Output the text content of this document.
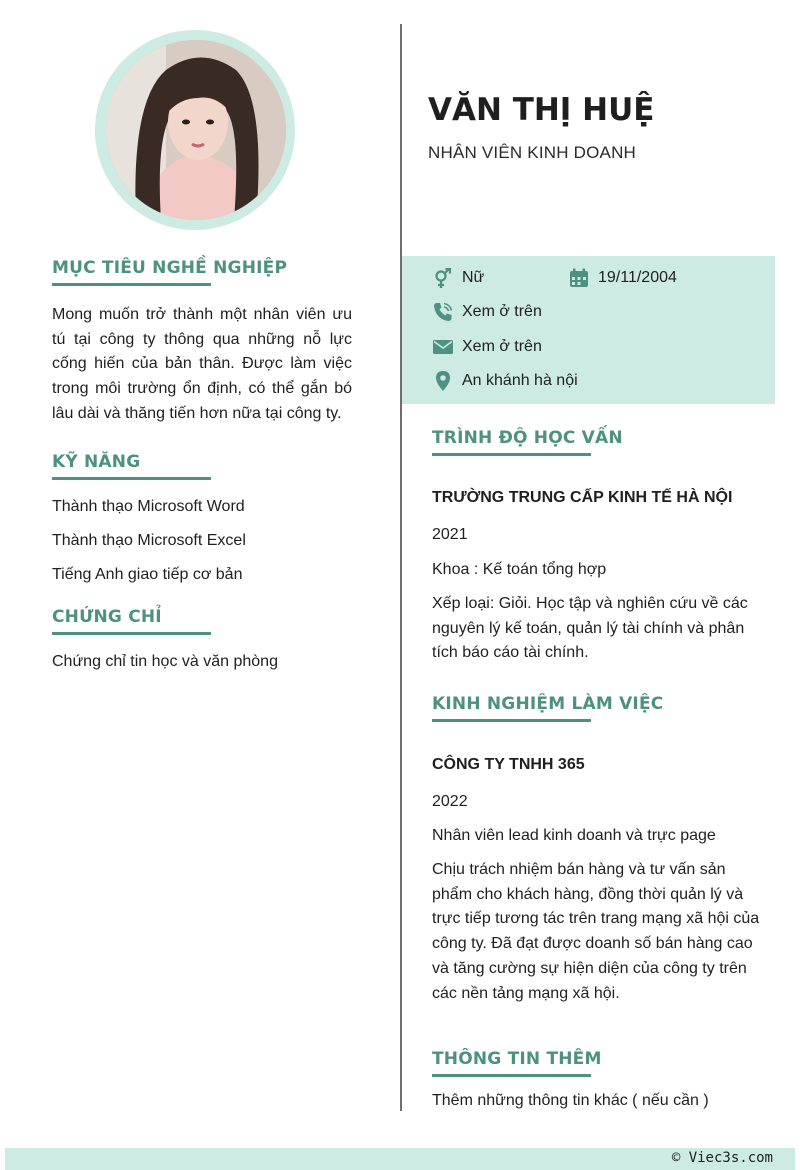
VĂN THỊ HUỆ
NHÂN VIÊN KINH DOANH
Nữ	19/11/2004
Xem ở trên
Xem ở trên
An khánh hà nội
MỤC TIÊU NGHỀ NGHIỆP
Mong muốn trở thành một nhân viên ưu tú tại công ty thông qua những nỗ lực cống hiến của bản thân. Được làm việc trong môi trường ổn định, có thể gắn bó lâu dài và thăng tiến hơn nữa tại công ty.
KỸ NĂNG
Thành thạo Microsoft Word
Thành thạo Microsoft Excel
Tiếng Anh giao tiếp cơ bản
CHỨNG CHỈ
Chứng chỉ tin học và văn phòng
TRÌNH ĐỘ HỌC VẤN
TRƯỜNG TRUNG CẤP KINH TẾ HÀ NỘI
2021
Khoa : Kế toán tổng hợp
Xếp loại: Giỏi. Học tập và nghiên cứu về các nguyên lý kế toán, quản lý tài chính và phân tích báo cáo tài chính.
KINH NGHIỆM LÀM VIỆC
CÔNG TY TNHH 365
2022
Nhân viên lead kinh doanh và trực page
Chịu trách nhiệm bán hàng và tư vấn sản phẩm cho khách hàng, đồng thời quản lý và trực tiếp tương tác trên trang mạng xã hội của công ty. Đã đạt được doanh số bán hàng cao và tăng cường sự hiện diện của công ty trên các nền tảng mạng xã hội.
THÔNG TIN THÊM
Thêm những thông tin khác ( nếu cần )
© Viec3s.com
